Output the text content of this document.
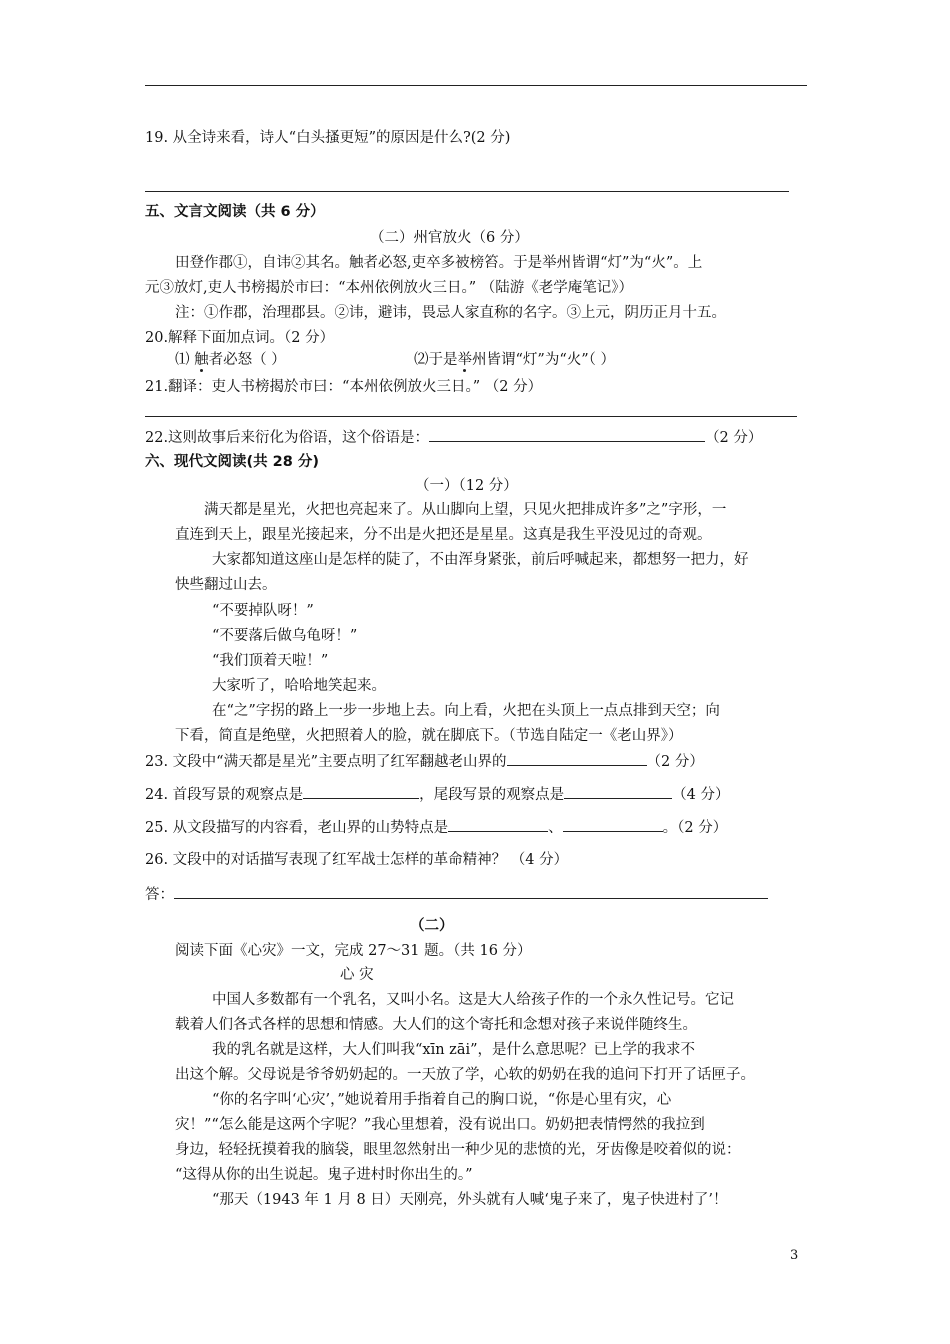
19. 从全诗来看，诗人“白头搔更短”的原因是什么?(2 分)
五、文言文阅读（共 6 分）
（二）州官放火（6 分）
田登作郡①，自讳②其名。触者必怒,吏卒多被榜笞。于是举州皆谓“灯”为“火”。上
元③放灯,吏人书榜揭於市曰：“本州依例放火三日。” （陆游《老学庵笔记》）
注：①作郡，治理郡县。②讳，避讳，畏忌人家直称的名字。③上元，阴历正月十五。
20.解释下面加点词。（2 分）
⑴ 触者必怒（ ）	⑵于是举州皆谓“灯”为“火”（ ）
21.翻译：吏人书榜揭於市曰：“本州依例放火三日。” （2 分）
22.这则故事后来衍化为俗语，这个俗语是：	（2 分）
六、现代文阅读(共 28 分)
（一）（12 分）
满天都是星光，火把也亮起来了。从山脚向上望，只见火把排成许多”之”字形，一
直连到天上，跟星光接起来，分不出是火把还是星星。这真是我生平没见过的奇观。
大家都知道这座山是怎样的陡了，不由浑身紧张，前后呼喊起来，都想努一把力，好
快些翻过山去。
“不要掉队呀！”
“不要落后做乌龟呀！”
“我们顶着天啦！”
大家听了，哈哈地笑起来。
在“之”字拐的路上一步一步地上去。向上看，火把在头顶上一点点排到天空；向
下看，简直是绝壁，火把照着人的脸，就在脚底下。（节选自陆定一《老山界》）
23. 文段中“满天都是星光”主要点明了红军翻越老山界的	（2 分）
24. 首段写景的观察点是	，尾段写景的观察点是	（4 分）
25. 从文段描写的内容看，老山界的山势特点是	、	。（2 分）
26. 文段中的对话描写表现了红军战士怎样的革命精神？ （4 分）
答：
（二）
阅读下面《心灾》一文，完成 27～31 题。（共 16 分）
心 灾
中国人多数都有一个乳名，又叫小名。这是大人给孩子作的一个永久性记号。它记
载着人们各式各样的思想和情感。大人们的这个寄托和念想对孩子来说伴随终生。
我的乳名就是这样，大人们叫我“xīn zāi”，是什么意思呢？已上学的我求不
出这个解。父母说是爷爷奶奶起的。一天放了学，心软的奶奶在我的追问下打开了话匣子。
“你的名字叫‘心灾’，”她说着用手指着自己的胸口说，“你是心里有灾，心
灾！”“怎么能是这两个字呢？”我心里想着，没有说出口。奶奶把表情愕然的我拉到
身边，轻轻抚摸着我的脑袋，眼里忽然射出一种少见的悲愤的光，牙齿像是咬着似的说：
“这得从你的出生说起。鬼子进村时你出生的。”
“那天（1943 年 1 月 8 日）天刚亮，外头就有人喊‘鬼子来了，鬼子快进村了’！
3
